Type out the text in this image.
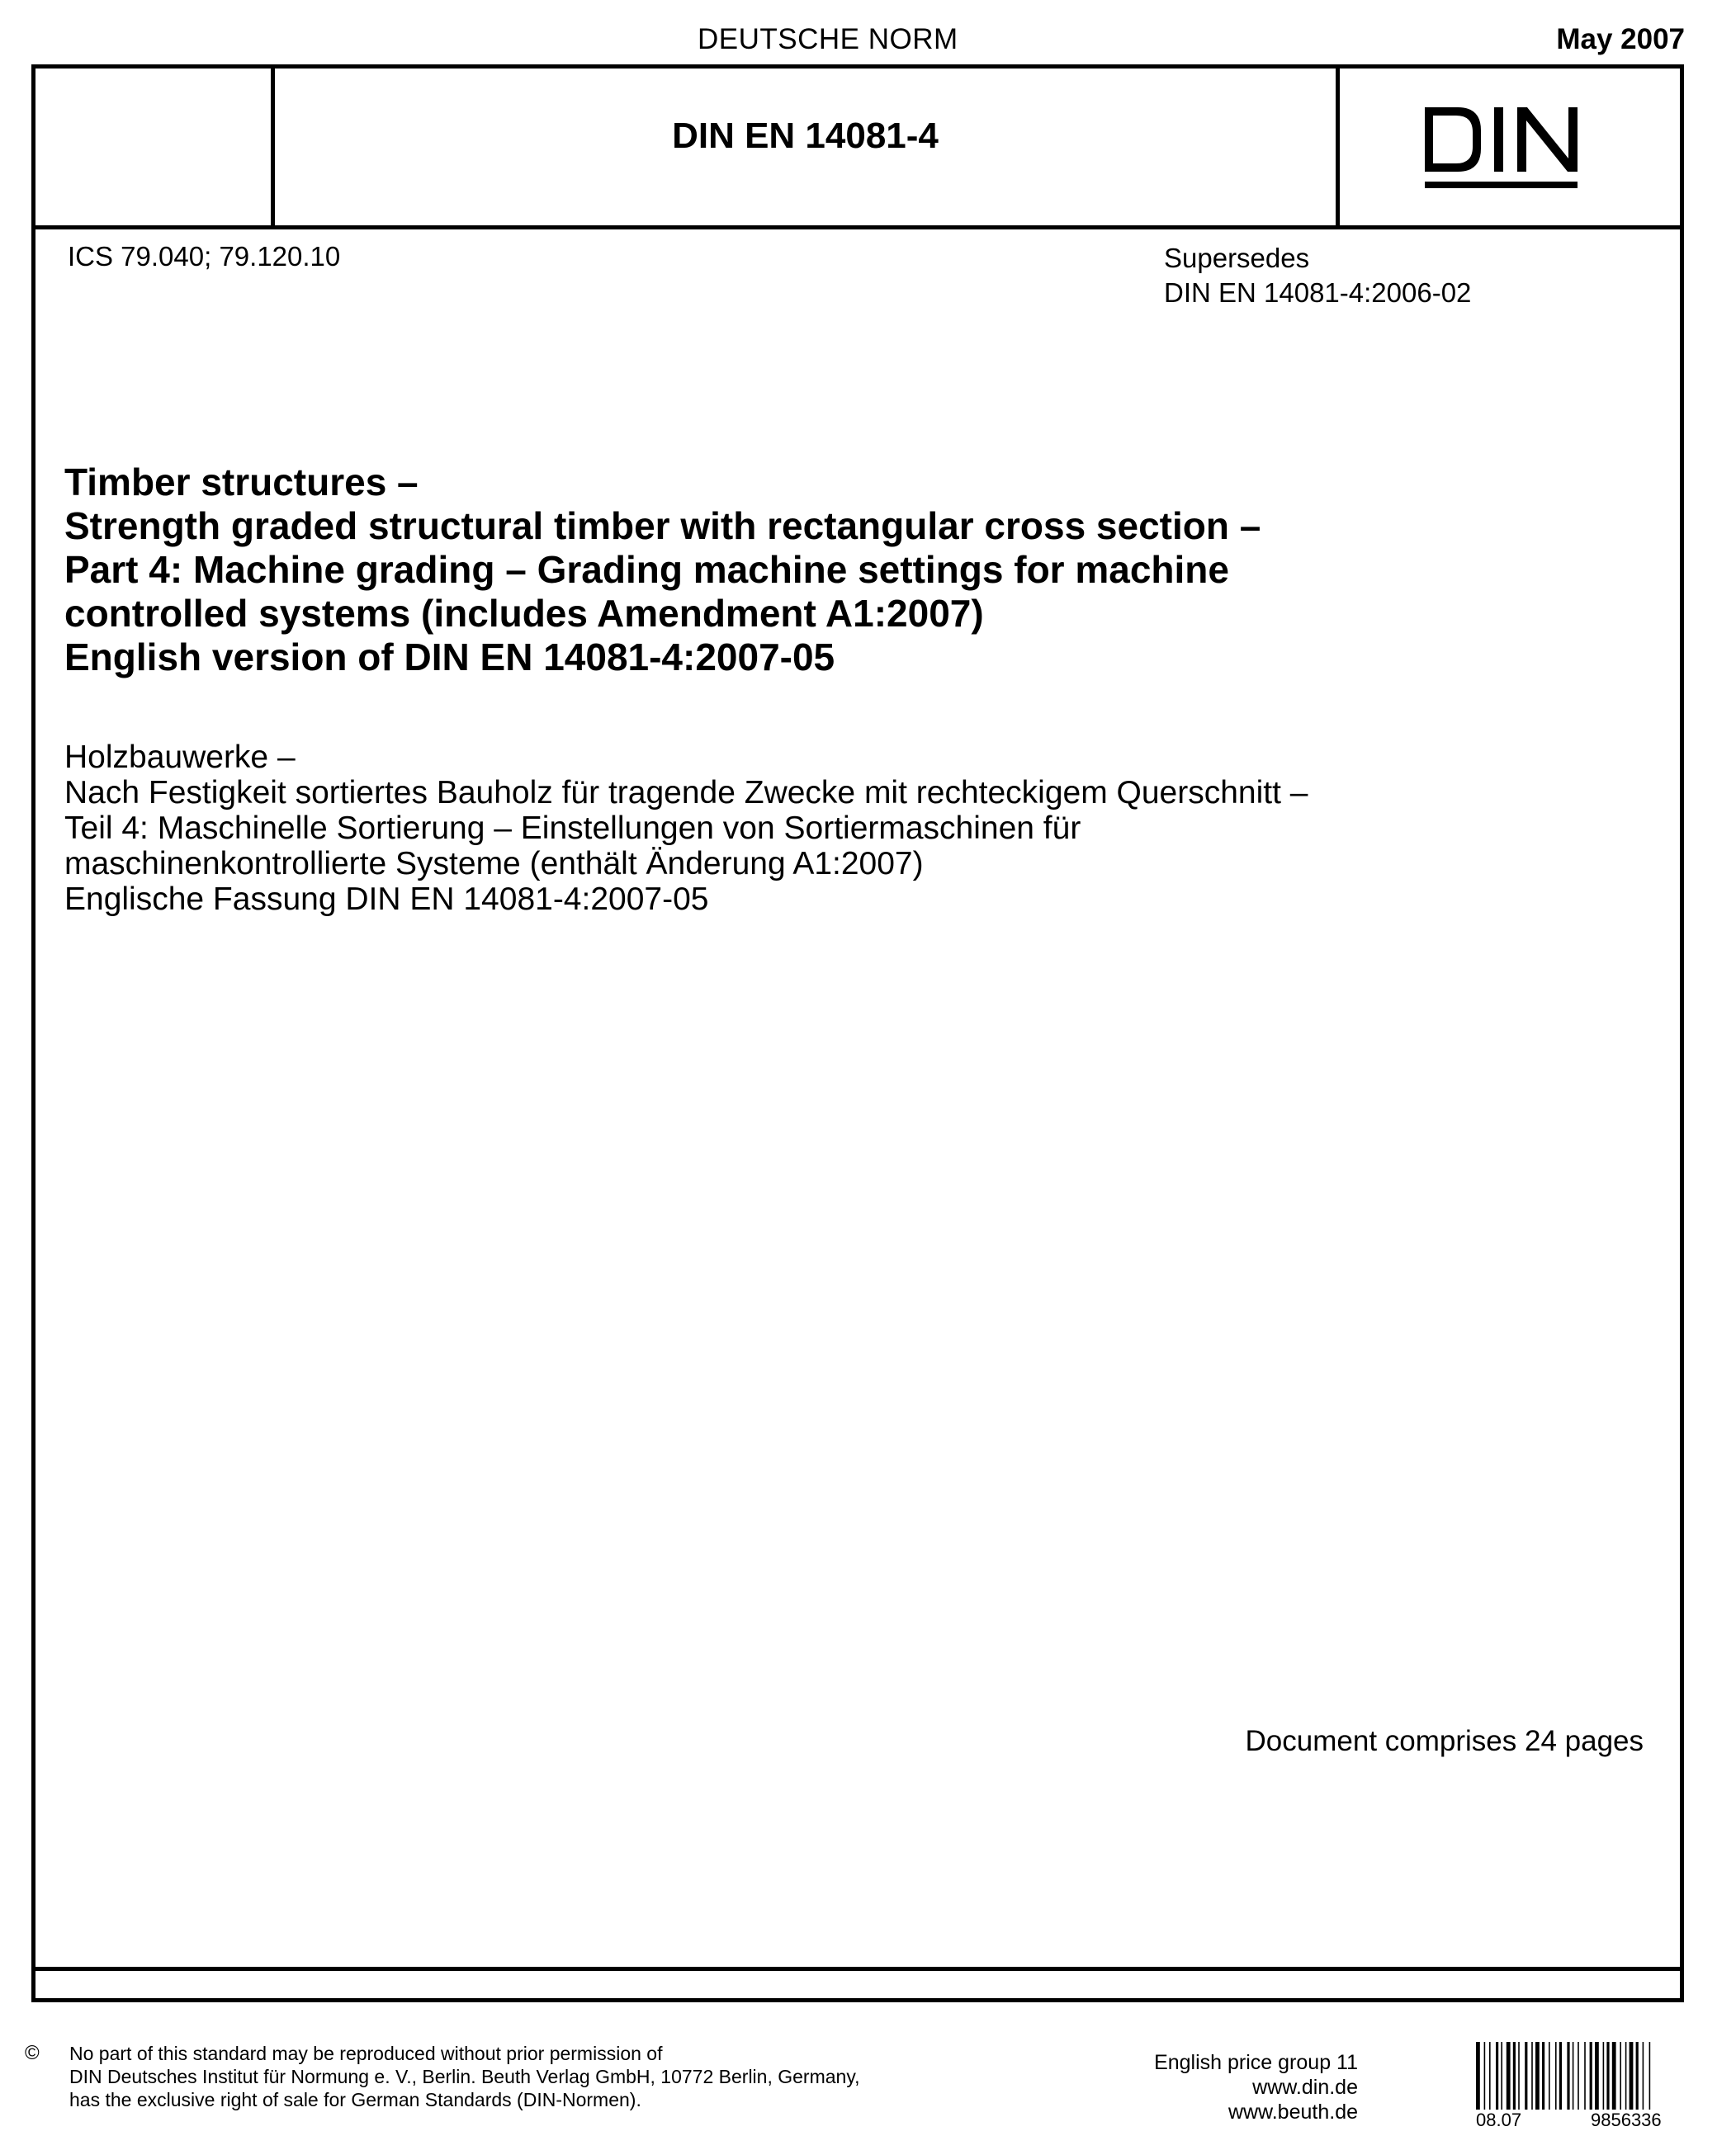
DEUTSCHE NORM	May 2007
DIN EN 14081-4
ICS 79.040; 79.120.10	Supersedes
DIN EN 14081-4:2006-02
Timber structures –
Strength graded structural timber with rectangular cross section –
Part 4: Machine grading – Grading machine settings for machine
controlled systems (includes Amendment A1:2007)
English version of DIN EN 14081-4:2007-05
Holzbauwerke –
Nach Festigkeit sortiertes Bauholz für tragende Zwecke mit rechteckigem Querschnitt –
Teil 4: Maschinelle Sortierung – Einstellungen von Sortiermaschinen für
maschinenkontrollierte Systeme (enthält Änderung A1:2007)
Englische Fassung DIN EN 14081-4:2007-05
Document comprises 24 pages
© No part of this standard may be reproduced without prior permission of
DIN Deutsches Institut für Normung e. V., Berlin. Beuth Verlag GmbH, 10772 Berlin, Germany,
has the exclusive right of sale for German Standards (DIN-Normen).
English price group 11
www.din.de
www.beuth.de	08.07	9856336
